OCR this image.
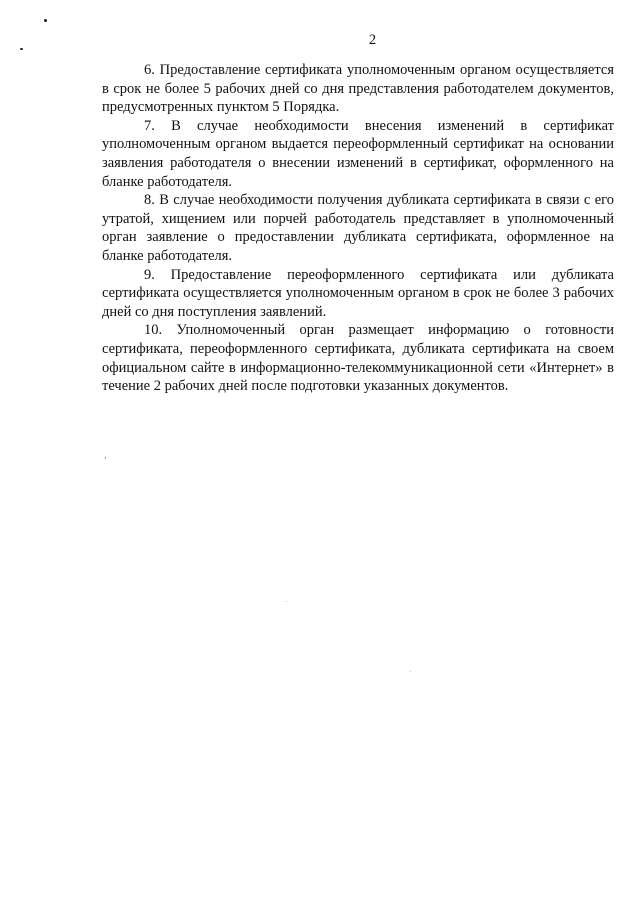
2

6. Предоставление сертификата уполномоченным органом осуществляется в срок не более 5 рабочих дней со дня представления работодателем документов, предусмотренных пунктом 5 Порядка.

7. В случае необходимости внесения изменений в сертификат уполномоченным органом выдается переоформленный сертификат на основании заявления работодателя о внесении изменений в сертификат, оформленного на бланке работодателя.

8. В случае необходимости получения дубликата сертификата в связи с его утратой, хищением или порчей работодатель представляет в уполномоченный орган заявление о предоставлении дубликата сертификата, оформленное на бланке работодателя.

9. Предоставление переоформленного сертификата или дубликата сертификата осуществляется уполномоченным органом в срок не более 3 рабочих дней со дня поступления заявлений.

10. Уполномоченный орган размещает информацию о готовности сертификата, переоформленного сертификата, дубликата сертификата на своем официальном сайте в информационно-телекоммуникационной сети «Интернет» в течение 2 рабочих дней после подготовки указанных документов.
